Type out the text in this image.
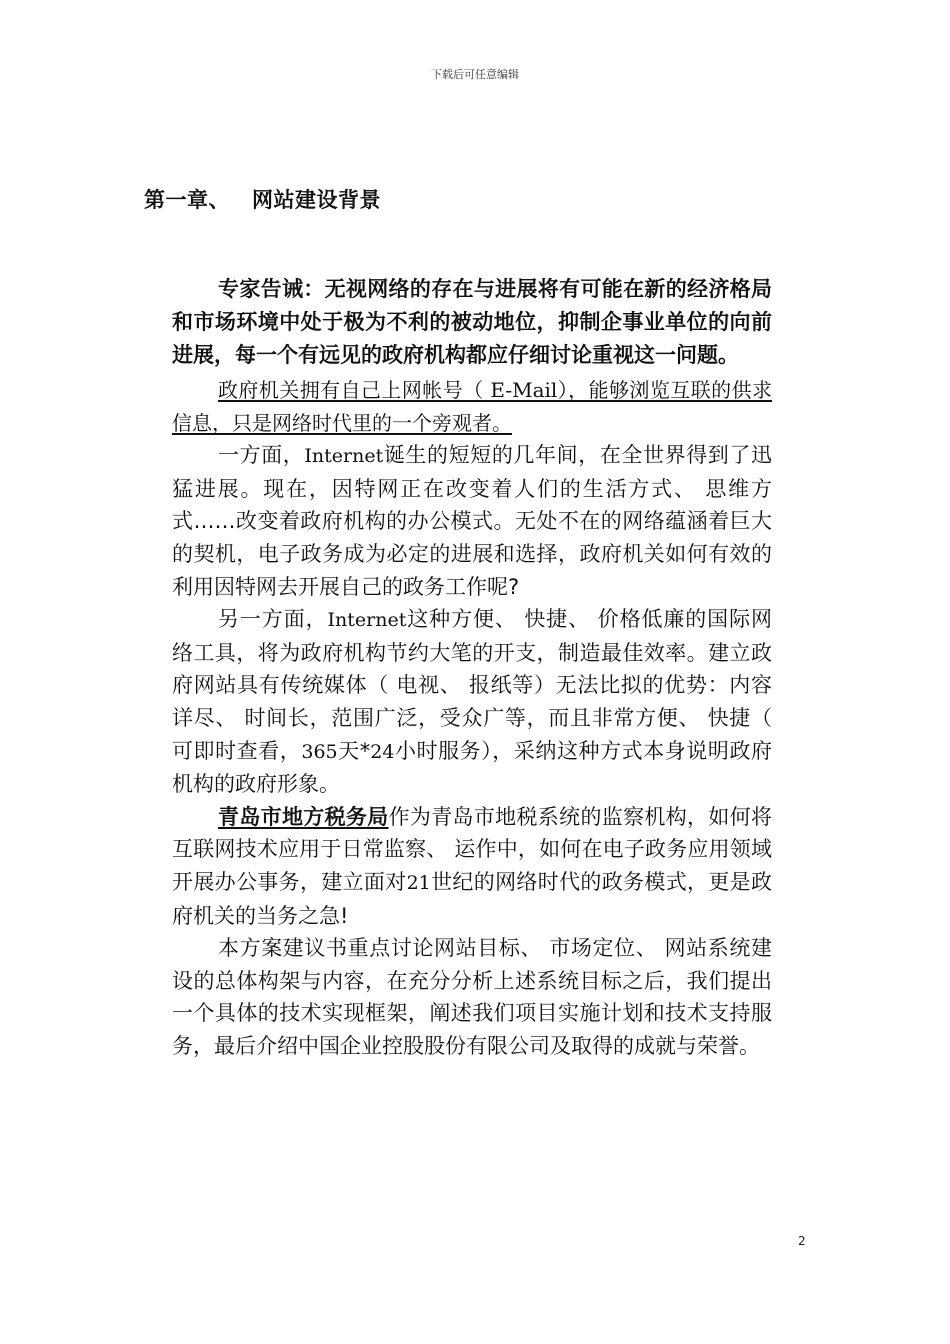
下载后可任意编辑
第一章、 网站建设背景

专家告诫：无视网络的存在与进展将有可能在新的经济格局和市场环境中处于极为不利的被动地位，抑制企事业单位的向前进展，每一个有远见的政府机构都应仔细讨论重视这一问题。

政府机关拥有自己上网帐号（ E-Mail），能够浏览互联的供求信息，只是网络时代里的一个旁观者。

一方面，Internet诞生的短短的几年间，在全世界得到了迅猛进展。现在，因特网正在改变着人们的生活方式、 思维方式……改变着政府机构的办公模式。无处不在的网络蕴涵着巨大的契机，电子政务成为必定的进展和选择，政府机关如何有效的利用因特网去开展自己的政务工作呢?

另一方面，Internet这种方便、 快捷、 价格低廉的国际网络工具，将为政府机构节约大笔的开支，制造最佳效率。建立政府网站具有传统媒体（ 电视、 报纸等）无法比拟的优势：内容详尽、 时间长，范围广泛，受众广等，而且非常方便、 快捷（ 可即时查看，365天*24小时服务），采纳这种方式本身说明政府机构的政府形象。

青岛市地方税务局作为青岛市地税系统的监察机构，如何将互联网技术应用于日常监察、 运作中，如何在电子政务应用领域开展办公事务，建立面对21世纪的网络时代的政务模式，更是政府机关的当务之急!

本方案建议书重点讨论网站目标、 市场定位、 网站系统建设的总体构架与内容，在充分分析上述系统目标之后，我们提出一个具体的技术实现框架，阐述我们项目实施计划和技术支持服务，最后介绍中国企业控股股份有限公司及取得的成就与荣誉。

2
